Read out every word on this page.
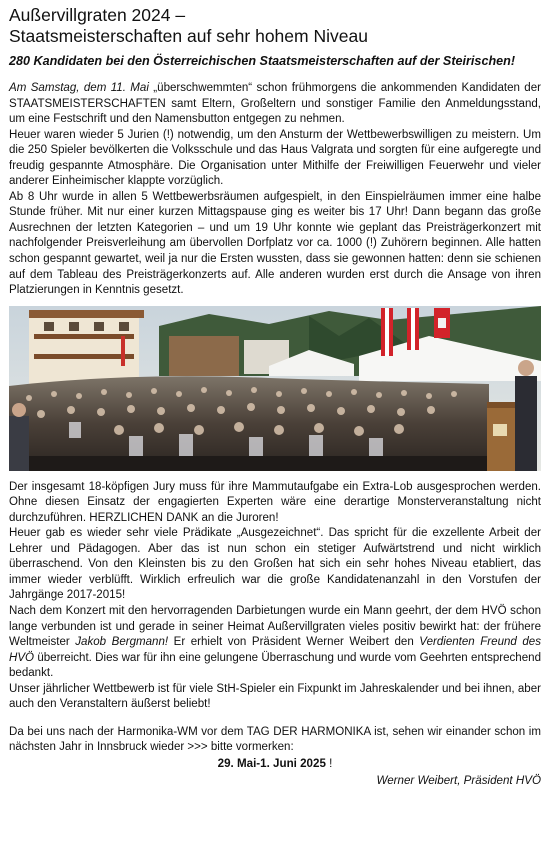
Außervillgraten 2024 –
Staatsmeisterschaften auf sehr hohem Niveau

280 Kandidaten bei den Österreichischen Staatsmeisterschaften auf der Steirischen!

Am Samstag, dem 11. Mai „überschwemmten“ schon frühmorgens die ankommenden Kandidaten der STAATSMEISTERSCHAFTEN samt Eltern, Großeltern und sonstiger Familie den Anmeldungsstand, um eine Festschrift und den Namensbutton entgegen zu nehmen.

Heuer waren wieder 5 Jurien (!) notwendig, um den Ansturm der Wettbewerbswilligen zu meistern. Um die 250 Spieler bevölkerten die Volksschule und das Haus Valgrata und sorgten für eine aufgeregte und freudig gespannte Atmosphäre. Die Organisation unter Mithilfe der Freiwilligen Feuerwehr und vieler anderer Einheimischer klappte vorzüglich.

Ab 8 Uhr wurde in allen 5 Wettbewerbsräumen aufgespielt, in den Einspielräumen immer eine halbe Stunde früher. Mit nur einer kurzen Mittagspause ging es weiter bis 17 Uhr! Dann begann das große Ausrechnen der letzten Kategorien – und um 19 Uhr konnte wie geplant das Preisträgerkonzert mit nachfolgender Preisverleihung am übervollen Dorfplatz vor ca. 1000 (!) Zuhörern beginnen. Alle hatten schon gespannt gewartet, weil ja nur die Ersten wussten, dass sie gewonnen hatten: denn sie schienen auf dem Tableau des Preisträgerkonzerts auf. Alle anderen wurden erst durch die Ansage von ihren Platzierungen in Kenntnis gesetzt.

Der insgesamt 18-köpfigen Jury muss für ihre Mammutaufgabe ein Extra-Lob ausgesprochen werden. Ohne diesen Einsatz der engagierten Experten wäre eine derartige Monsterveranstaltung nicht durchzuführen. HERZLICHEN DANK an die Juroren!

Heuer gab es wieder sehr viele Prädikate „Ausgezeichnet“. Das spricht für die exzellente Arbeit der Lehrer und Pädagogen. Aber das ist nun schon ein stetiger Aufwärtstrend und nicht wirklich überraschend. Von den Kleinsten bis zu den Großen hat sich ein sehr hohes Niveau etabliert, das immer wieder verblüfft. Wirklich erfreulich war die große Kandidatenanzahl in den Vorstufen der Jahrgänge 2017-2015!

Nach dem Konzert mit den hervorragenden Darbietungen wurde ein Mann geehrt, der dem HVÖ schon lange verbunden ist und gerade in seiner Heimat Außervillgraten vieles positiv bewirkt hat: der frühere Weltmeister Jakob Bergmann! Er erhielt von Präsident Werner Weibert den Verdienten Freund des HVÖ überreicht. Dies war für ihn eine gelungene Überraschung und wurde vom Geehrten entsprechend bedankt.

Unser jährlicher Wettbewerb ist für viele StH-Spieler ein Fixpunkt im Jahreskalender und bei ihnen, aber auch den Veranstaltern äußerst beliebt!

Da bei uns nach der Harmonika-WM vor dem TAG DER HARMONIKA ist, sehen wir einander schon im nächsten Jahr in Innsbruck wieder >>> bitte vormerken:

29. Mai-1. Juni 2025 !

Werner Weibert, Präsident HVÖ
